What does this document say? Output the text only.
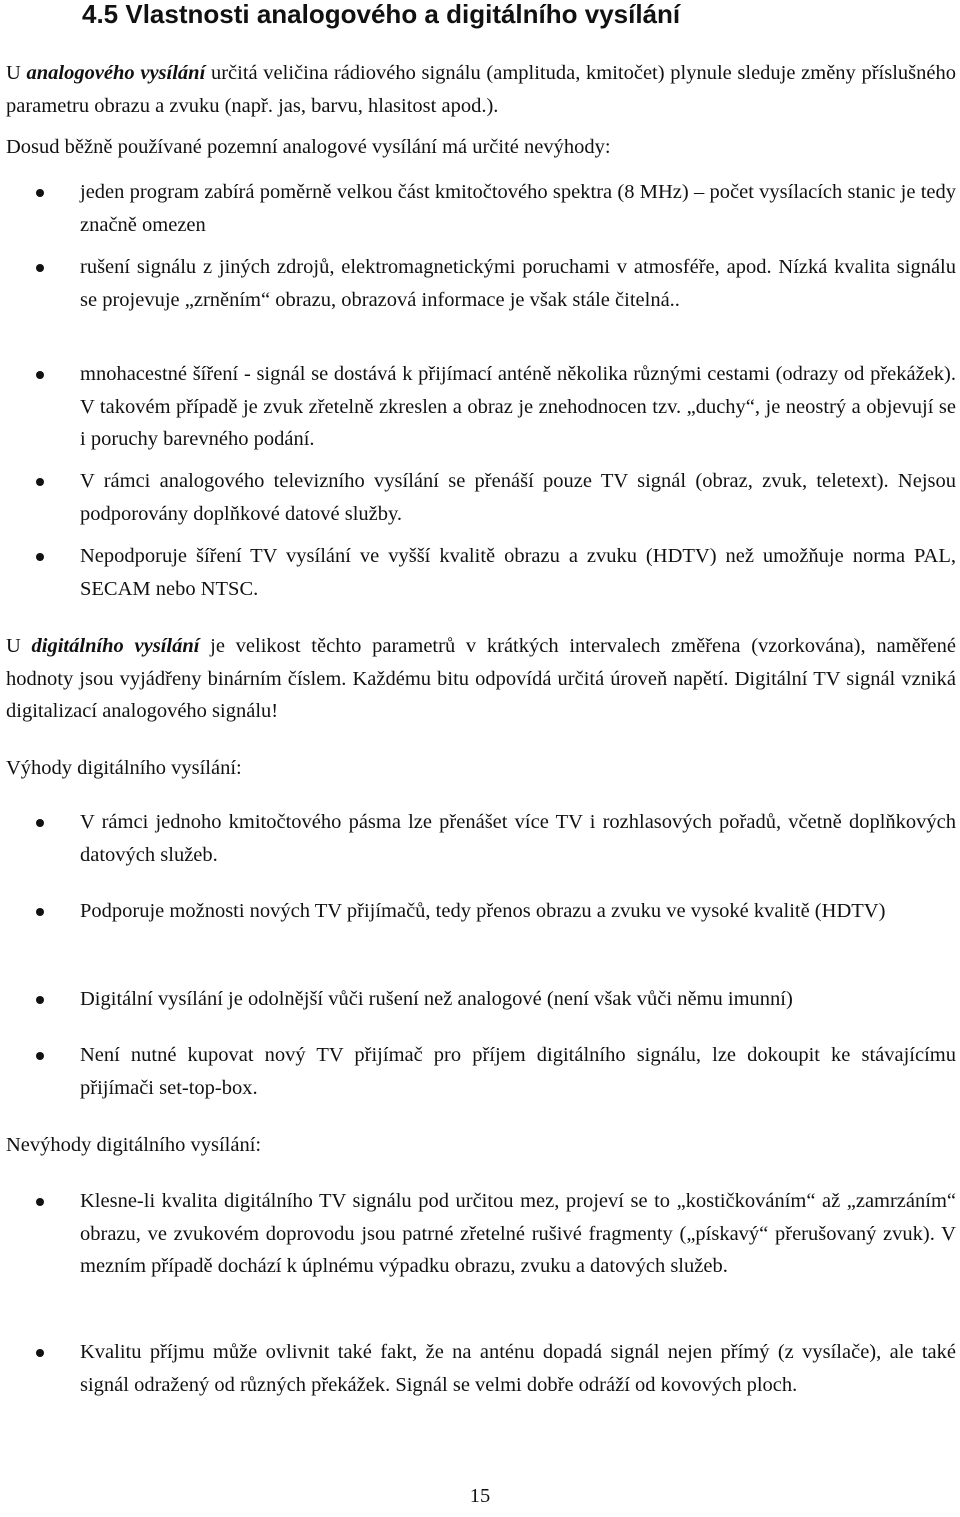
4.5 Vlastnosti analogového a digitálního vysílání

U analogového vysílání určitá veličina rádiového signálu (amplituda, kmitočet) plynule sleduje změny příslušného parametru obrazu a zvuku (např. jas, barvu, hlasitost apod.).

Dosud běžně používané pozemní analogové vysílání má určité nevýhody:

jeden program zabírá poměrně velkou část kmitočtového spektra (8 MHz) – počet vysílacích stanic je tedy značně omezen
rušení signálu z jiných zdrojů, elektromagnetickými poruchami v atmosféře, apod. Nízká kvalita signálu se projevuje „zrněním“ obrazu, obrazová informace je však stále čitelná..
mnohacestné šíření - signál se dostává k přijímací anténě několika různými cestami (odrazy od překážek). V takovém případě je zvuk zřetelně zkreslen a obraz je znehodnocen tzv. „duchy“, je neostrý a objevují se i poruchy barevného podání.
V rámci analogového televizního vysílání se přenáší pouze TV signál (obraz, zvuk, teletext). Nejsou podporovány doplňkové datové služby.
Nepodporuje šíření TV vysílání ve vyšší kvalitě obrazu a zvuku (HDTV) než umožňuje norma PAL, SECAM nebo NTSC.

U digitálního vysílání je velikost těchto parametrů v krátkých intervalech změřena (vzorkována), naměřené hodnoty jsou vyjádřeny binárním číslem. Každému bitu odpovídá určitá úroveň napětí. Digitální TV signál vzniká digitalizací analogového signálu!

Výhody digitálního vysílání:

V rámci jednoho kmitočtového pásma lze přenášet více TV i rozhlasových pořadů, včetně doplňkových datových služeb.
Podporuje možnosti nových TV přijímačů, tedy přenos obrazu a zvuku ve vysoké kvalitě (HDTV)
Digitální vysílání je odolnější vůči rušení než analogové (není však vůči němu imunní)
Není nutné kupovat nový TV přijímač pro příjem digitálního signálu, lze dokoupit ke stávajícímu přijímači set-top-box.

Nevýhody digitálního vysílání:

Klesne-li kvalita digitálního TV signálu pod určitou mez, projeví se to „kostičkováním“ až „zamrzáním“ obrazu, ve zvukovém doprovodu jsou patrné zřetelné rušivé fragmenty („pískavý“ přerušovaný zvuk). V mezním případě dochází k úplnému výpadku obrazu, zvuku a datových služeb.
Kvalitu příjmu může ovlivnit také fakt, že na anténu dopadá signál nejen přímý (z vysílače), ale také signál odražený od různých překážek. Signál se velmi dobře odráží od kovových ploch.
15
